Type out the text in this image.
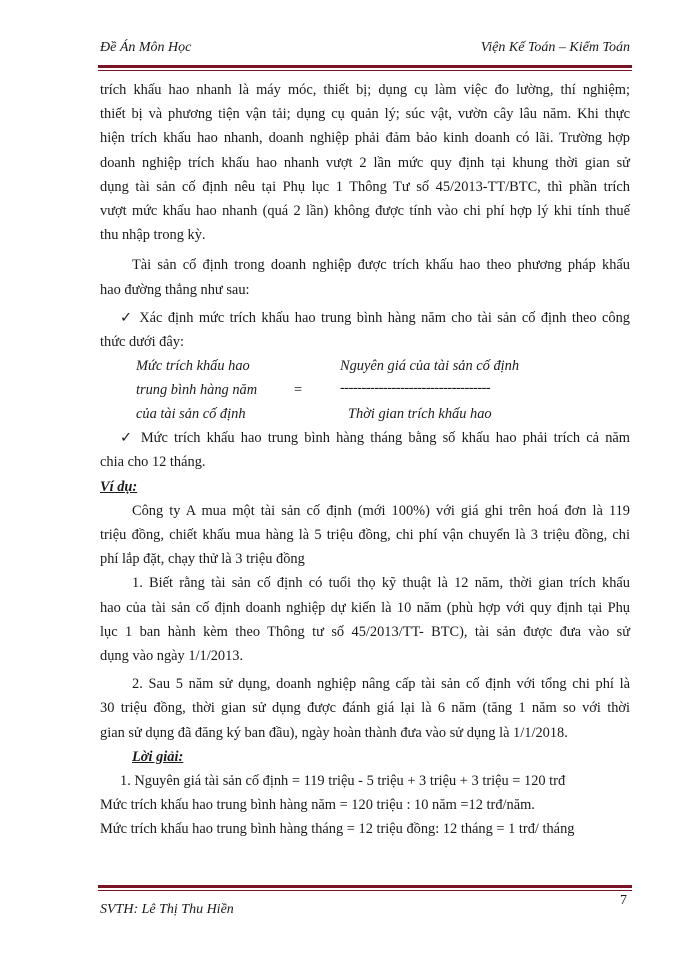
Đề Án Môn Học	Viện Kế Toán – Kiểm Toán

trích khấu hao nhanh là máy móc, thiết bị; dụng cụ làm việc đo lường, thí nghiệm;

thiết bị và phương tiện vận tải; dụng cụ quản lý; súc vật, vườn cây lâu năm. Khi thực

hiện trích khấu hao nhanh, doanh nghiệp phải đảm bảo kinh doanh có lãi. Trường hợp

doanh nghiệp trích khấu hao nhanh vượt 2 lần mức quy định tại khung thời gian sử

dụng tài sản cố định nêu tại Phụ lục 1 Thông Tư số 45/2013-TT/BTC, thì phần trích

vượt mức khấu hao nhanh (quá 2 lần) không được tính vào chi phí hợp lý khi tính thuế

thu nhập trong kỳ.

Tài sản cố định trong doanh nghiệp được trích khấu hao theo phương pháp khấu

hao đường thẳng như sau:

✓ Xác định mức trích khấu hao trung bình hàng năm cho tài sản cố định theo công

thức dưới đây:

Mức trích khấu hao
trung bình hàng năm
của tài sản cố định
=
Nguyên giá của tài sản cố định
-----------------------------------
Thời gian trích khấu hao

✓ Mức trích khấu hao trung bình hàng tháng bằng số khấu hao phải trích cả năm

chia cho 12 tháng.

Ví dụ:

Công ty A mua một tài sản cố định (mới 100%) với giá ghi trên hoá đơn là 119

triệu đồng, chiết khấu mua hàng là 5 triệu đồng, chi phí vận chuyển là 3 triệu đồng, chi

phí lắp đặt, chạy thử là 3 triệu đồng

1. Biết rằng tài sản cố định có tuổi thọ kỹ thuật là 12 năm, thời gian trích khấu

hao của tài sản cố định doanh nghiệp dự kiến là 10 năm (phù hợp với quy định tại Phụ

lục 1 ban hành kèm theo Thông tư số 45/2013/TT- BTC), tài sản được đưa vào sử

dụng vào ngày 1/1/2013.

2. Sau 5 năm sử dụng, doanh nghiệp nâng cấp tài sản cố định với tổng chi phí là

30 triệu đồng, thời gian sử dụng được đánh giá lại là 6 năm (tăng 1 năm so với thời

gian sử dụng đã đăng ký ban đầu), ngày hoàn thành đưa vào sử dụng là 1/1/2018.

Lời giải:

1. Nguyên giá tài sản cố định = 119 triệu - 5 triệu + 3 triệu + 3 triệu = 120 trđ

Mức trích khấu hao trung bình hàng năm = 120 triệu : 10 năm =12 trđ/năm.

Mức trích khấu hao trung bình hàng tháng = 12 triệu đồng: 12 tháng = 1 trđ/ tháng

7
SVTH: Lê Thị Thu Hiền
